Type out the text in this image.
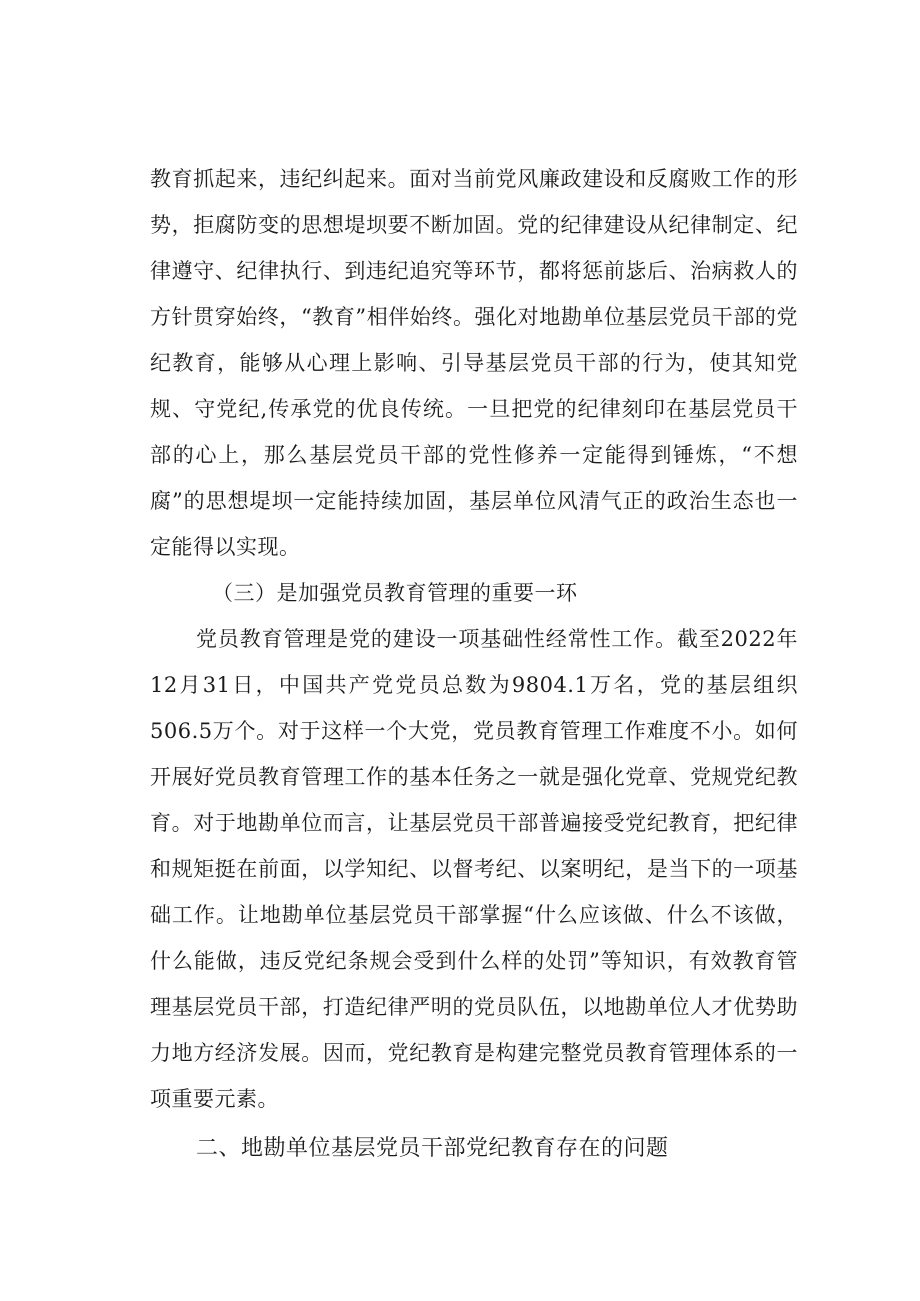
教育抓起来，违纪纠起来。面对当前党风廉政建设和反腐败工作的形势，拒腐防变的思想堤坝要不断加固。党的纪律建设从纪律制定、纪律遵守、纪律执行、到违纪追究等环节，都将惩前毖后、治病救人的方针贯穿始终，“教育”相伴始终。强化对地勘单位基层党员干部的党纪教育，能够从心理上影响、引导基层党员干部的行为，使其知党规、守党纪,传承党的优良传统。一旦把党的纪律刻印在基层党员干部的心上，那么基层党员干部的党性修养一定能得到锤炼，“不想腐”的思想堤坝一定能持续加固，基层单位风清气正的政治生态也一定能得以实现。

（三）是加强党员教育管理的重要一环

党员教育管理是党的建设一项基础性经常性工作。截至2022年12月31日，中国共产党党员总数为9804.1万名，党的基层组织506.5万个。对于这样一个大党，党员教育管理工作难度不小。如何开展好党员教育管理工作的基本任务之一就是强化党章、党规党纪教育。对于地勘单位而言，让基层党员干部普遍接受党纪教育，把纪律和规矩挺在前面，以学知纪、以督考纪、以案明纪，是当下的一项基础工作。让地勘单位基层党员干部掌握“什么应该做、什么不该做，什么能做，违反党纪条规会受到什么样的处罚”等知识，有效教育管理基层党员干部，打造纪律严明的党员队伍，以地勘单位人才优势助力地方经济发展。因而，党纪教育是构建完整党员教育管理体系的一项重要元素。

二、地勘单位基层党员干部党纪教育存在的问题
